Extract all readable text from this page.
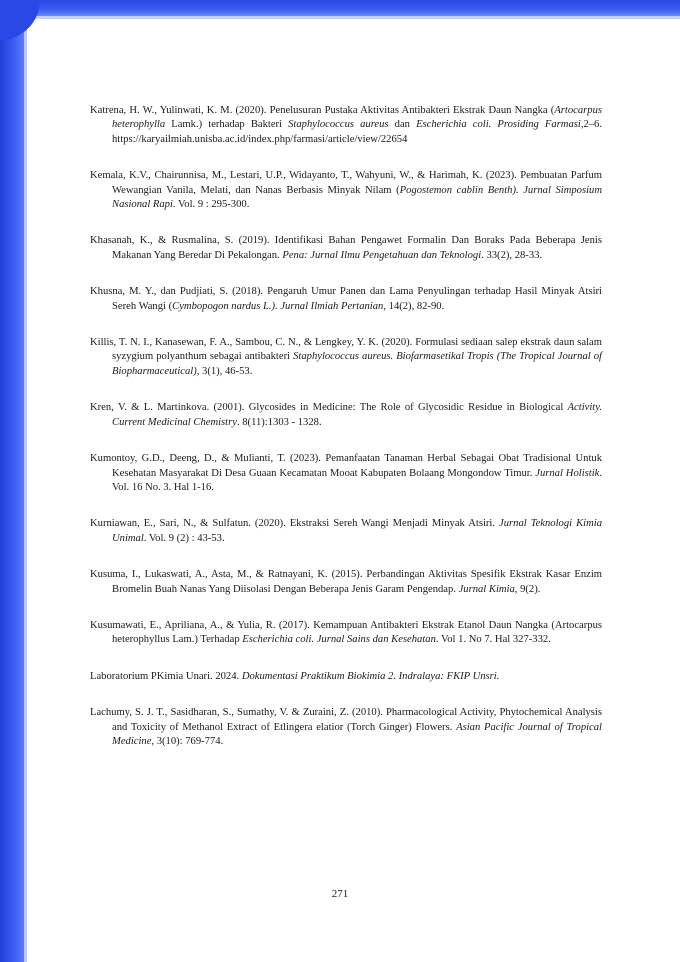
Katrena, H. W., Yulinwati, K. M. (2020). Penelusuran Pustaka Aktivitas Antibakteri Ekstrak Daun Nangka (Artocarpus heterophylla Lamk.) terhadap Bakteri Staphylococcus aureus dan Escherichia coli. Prosiding Farmasi,2–6. https://karyailmiah.unisba.ac.id/index.php/farmasi/article/view/22654

Kemala, K.V., Chairunnisa, M., Lestari, U.P., Widayanto, T., Wahyuni, W., & Harimah, K. (2023). Pembuatan Parfum Wewangian Vanila, Melati, dan Nanas Berbasis Minyak Nilam (Pogostemon cablin Benth). Jurnal Simposium Nasional Rapi. Vol. 9 : 295-300.

Khasanah, K., & Rusmalina, S. (2019). Identifikasi Bahan Pengawet Formalin Dan Boraks Pada Beberapa Jenis Makanan Yang Beredar Di Pekalongan. Pena: Jurnal Ilmu Pengetahuan dan Teknologi. 33(2), 28-33.

Khusna, M. Y., dan Pudjiati, S. (2018). Pengaruh Umur Panen dan Lama Penyulingan terhadap Hasil Minyak Atsiri Sereh Wangi (Cymbopogon nardus L.). Jurnal Ilmiah Pertanian, 14(2), 82-90.

Killis, T. N. I., Kanasewan, F. A., Sambou, C. N., & Lengkey, Y. K. (2020). Formulasi sediaan salep ekstrak daun salam syzygium polyanthum sebagai antibakteri Staphylococcus aureus. Biofarmasetikal Tropis (The Tropical Journal of Biopharmaceutical), 3(1), 46-53.

Kren, V. & L. Martinkova. (2001). Glycosides in Medicine: The Role of Glycosidic Residue in Biological Activity. Current Medicinal Chemistry. 8(11):1303 - 1328.

Kumontoy, G.D., Deeng, D., & Mulianti, T. (2023). Pemanfaatan Tanaman Herbal Sebagai Obat Tradisional Untuk Kesehatan Masyarakat Di Desa Guaan Kecamatan Mooat Kabupaten Bolaang Mongondow Timur. Jurnal Holistik. Vol. 16 No. 3. Hal 1-16.

Kurniawan, E., Sari, N., & Sulfatun. (2020). Ekstraksi Sereh Wangi Menjadi Minyak Atsiri. Jurnal Teknologi Kimia Unimal. Vol. 9 (2) : 43-53.

Kusuma, I., Lukaswati, A., Asta, M., & Ratnayani, K. (2015). Perbandingan Aktivitas Spesifik Ekstrak Kasar Enzim Bromelin Buah Nanas Yang Diisolasi Dengan Beberapa Jenis Garam Pengendap. Jurnal Kimia, 9(2).

Kusumawati, E., Apriliana, A., & Yulia, R. (2017). Kemampuan Antibakteri Ekstrak Etanol Daun Nangka (Artocarpus heterophyllus Lam.) Terhadap Escherichia coli. Jurnal Sains dan Kesehatan. Vol 1. No 7. Hal 327-332.

Laboratorium PKimia Unari. 2024. Dokumentasi Praktikum Biokimia 2. Indralaya: FKIP Unsri.

Lachumy, S. J. T., Sasidharan, S., Sumathy, V. & Zuraini, Z. (2010). Pharmacological Activity, Phytochemical Analysis and Toxicity of Methanol Extract of Etlingera elatior (Torch Ginger) Flowers. Asian Pacific Journal of Tropical Medicine, 3(10): 769-774.

271
